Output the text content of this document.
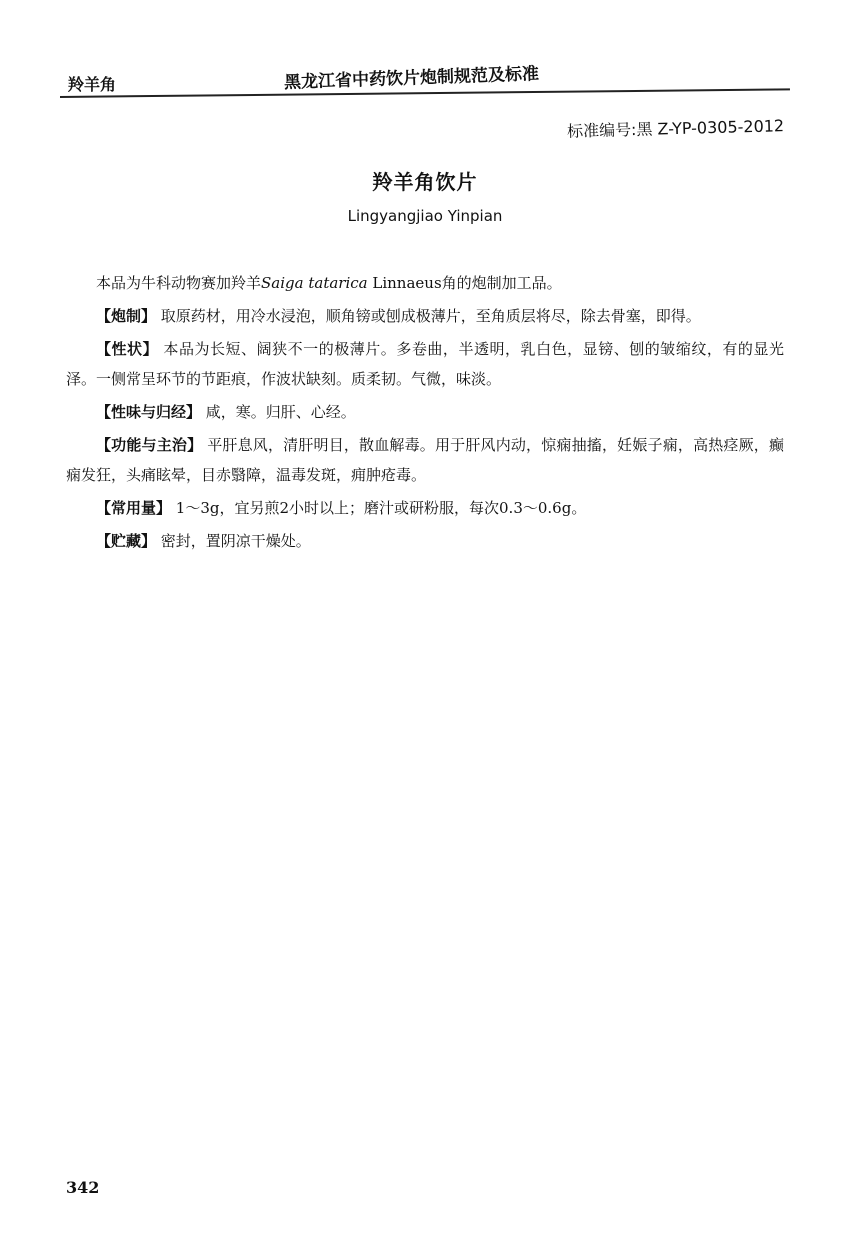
羚羊角	黑龙江省中药饮片炮制规范及标准
标准编号:黑 Z-YP-0305-2012
羚羊角饮片
Lingyangjiao Yinpian

本品为牛科动物赛加羚羊Saiga tatarica Linnaeus角的炮制加工品。

【炮制】 取原药材，用冷水浸泡，顺角镑或刨成极薄片，至角质层将尽，除去骨塞，即得。

【性状】 本品为长短、阔狭不一的极薄片。多卷曲，半透明，乳白色，显镑、刨的皱缩纹，有的显光泽。一侧常呈环节的节距痕，作波状缺刻。质柔韧。气微，味淡。

【性味与归经】 咸，寒。归肝、心经。

【功能与主治】 平肝息风，清肝明目，散血解毒。用于肝风内动，惊痫抽搐，妊娠子痫，高热痉厥，癫痫发狂，头痛眩晕，目赤翳障，温毒发斑，痈肿疮毒。

【常用量】 1～3g，宜另煎2小时以上；磨汁或研粉服，每次0.3～0.6g。

【贮藏】 密封，置阴凉干燥处。

342
